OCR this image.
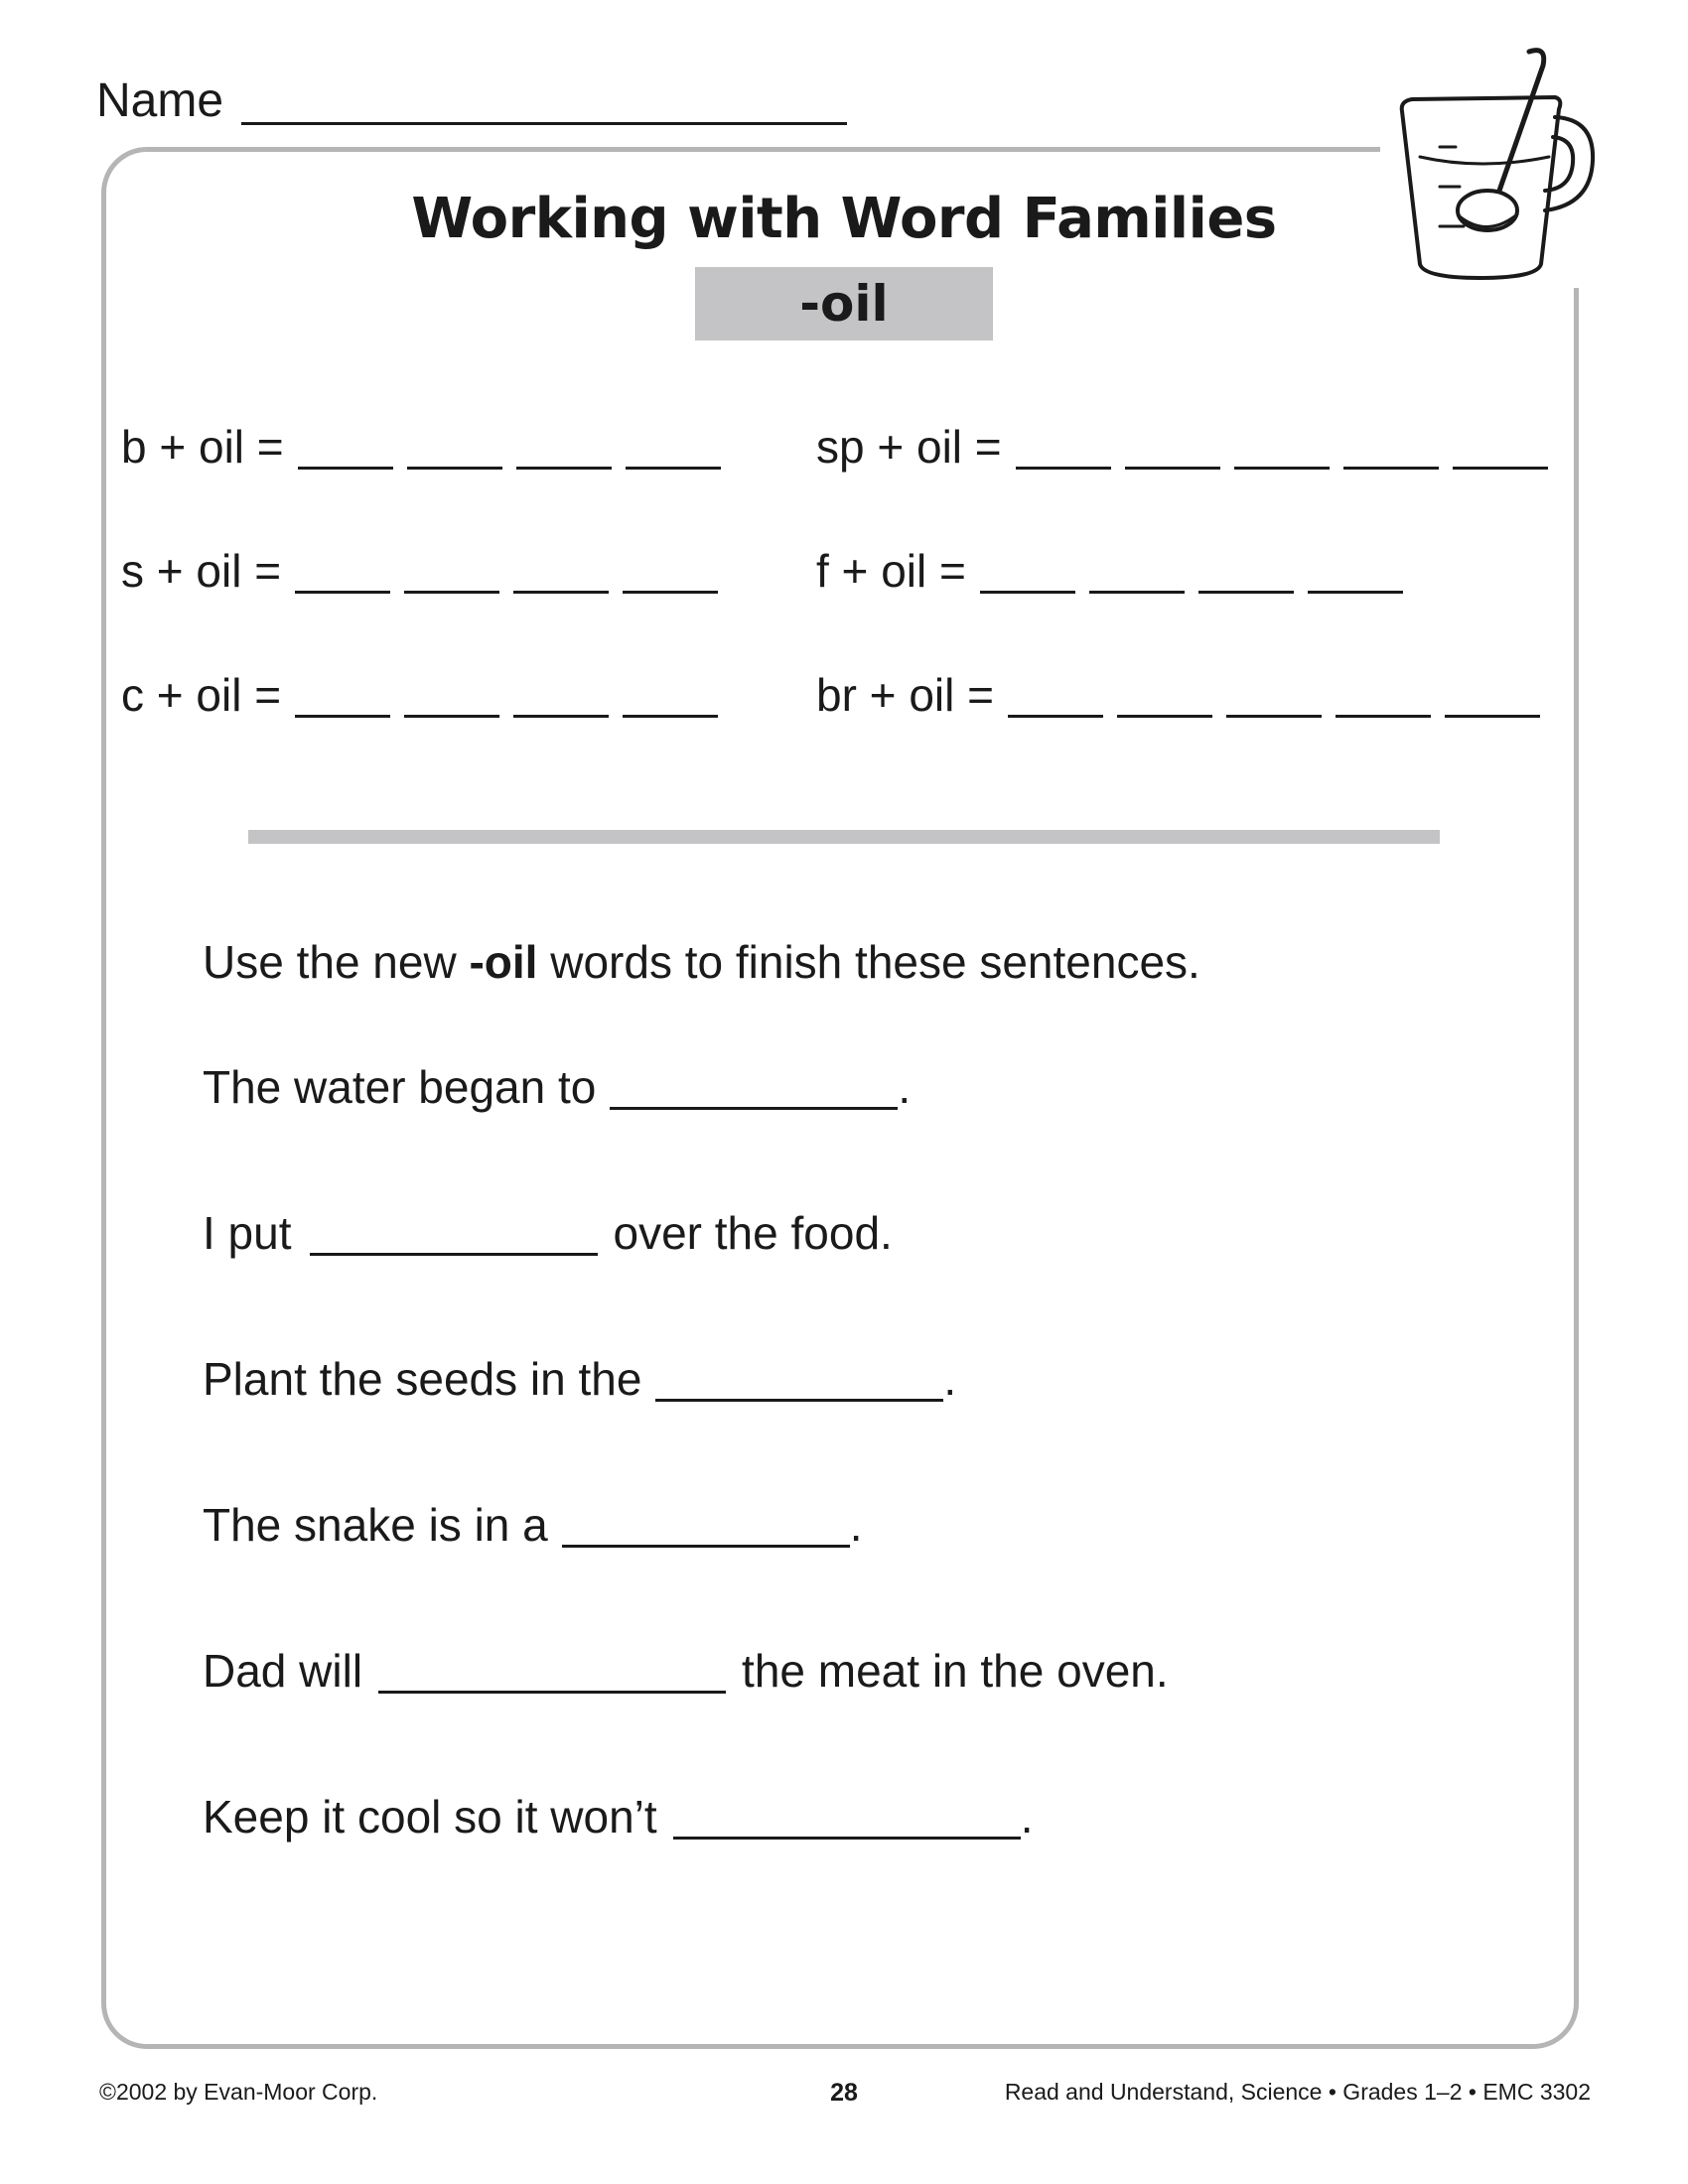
Name
Working with Word Families
-oil
b + oil =	sp + oil =
s + oil =	f + oil =
c + oil =	br + oil =
Use the new -oil words to finish these sentences.
The water began to	.
I put	over the food.
Plant the seeds in the	.
The snake is in a	.
Dad will	the meat in the oven.
Keep it cool so it won’t	.
©2002 by Evan-Moor Corp.	28	Read and Understand, Science • Grades 1–2 • EMC 3302
